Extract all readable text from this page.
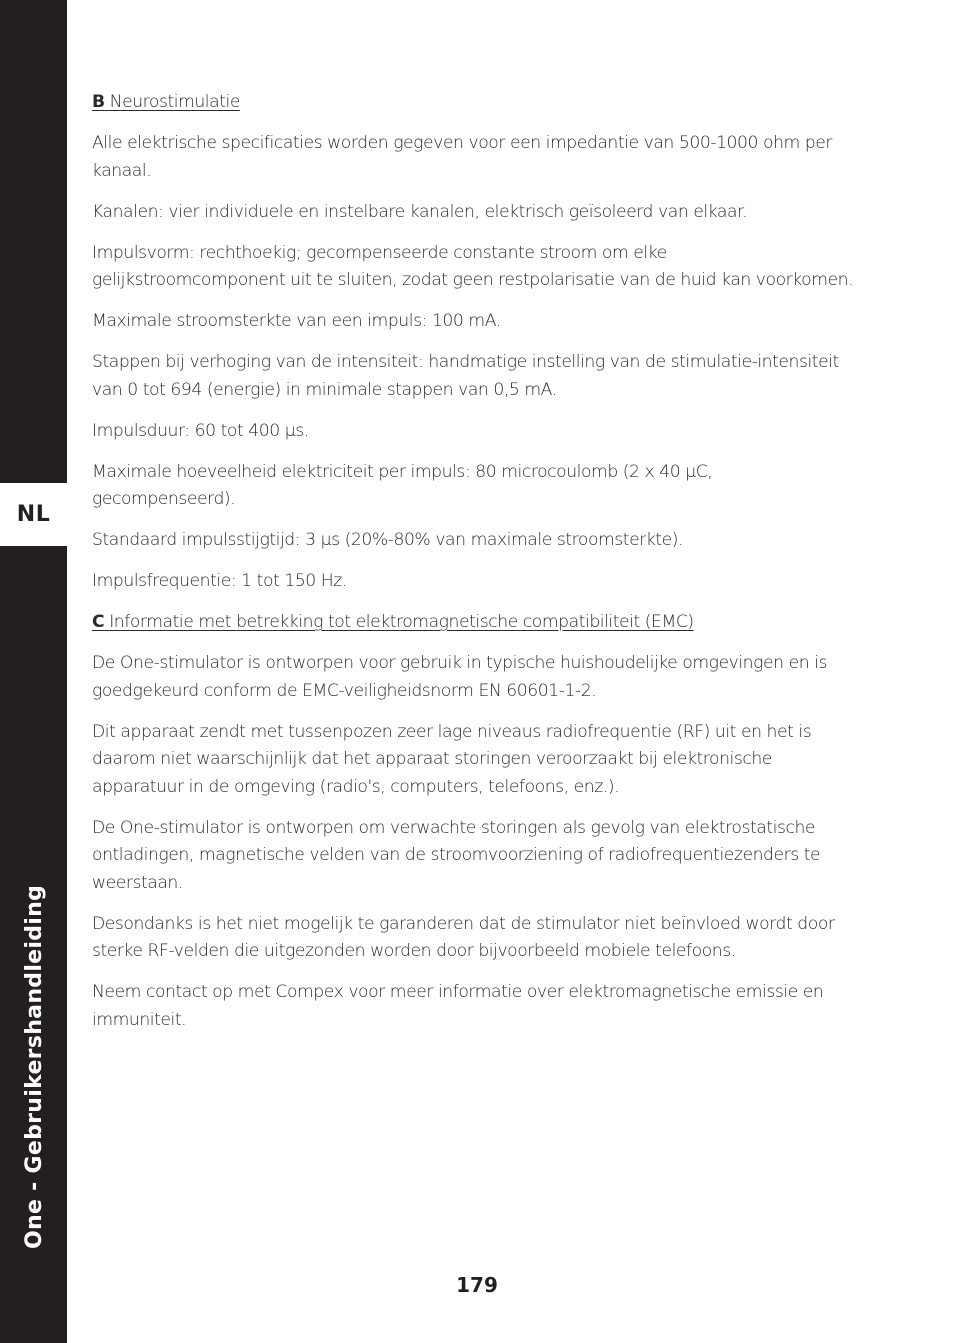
NL
One - Gebruikershandleiding

B Neurostimulatie

Alle elektrische specificaties worden gegeven voor een impedantie van 500-1000 ohm per kanaal.

Kanalen: vier individuele en instelbare kanalen, elektrisch geïsoleerd van elkaar.

Impulsvorm: rechthoekig; gecompenseerde constante stroom om elke gelijkstroomcomponent uit te sluiten, zodat geen restpolarisatie van de huid kan voorkomen.

Maximale stroomsterkte van een impuls: 100 mA.

Stappen bij verhoging van de intensiteit: handmatige instelling van de stimulatie-intensiteit van 0 tot 694 (energie) in minimale stappen van 0,5 mA.

Impulsduur: 60 tot 400 µs.

Maximale hoeveelheid elektriciteit per impuls: 80 microcoulomb (2 x 40 µC, gecompenseerd).

Standaard impulsstijgtijd: 3 µs (20%-80% van maximale stroomsterkte).

Impulsfrequentie: 1 tot 150 Hz.

C Informatie met betrekking tot elektromagnetische compatibiliteit (EMC)

De One-stimulator is ontworpen voor gebruik in typische huishoudelijke omgevingen en is goedgekeurd conform de EMC-veiligheidsnorm EN 60601-1-2.

Dit apparaat zendt met tussenpozen zeer lage niveaus radiofrequentie (RF) uit en het is daarom niet waarschijnlijk dat het apparaat storingen veroorzaakt bij elektronische apparatuur in de omgeving (radio's, computers, telefoons, enz.).

De One-stimulator is ontworpen om verwachte storingen als gevolg van elektrostatische ontladingen, magnetische velden van de stroomvoorziening of radiofrequentiezenders te weerstaan.

Desondanks is het niet mogelijk te garanderen dat de stimulator niet beïnvloed wordt door sterke RF-velden die uitgezonden worden door bijvoorbeeld mobiele telefoons.

Neem contact op met Compex voor meer informatie over elektromagnetische emissie en immuniteit.

179
